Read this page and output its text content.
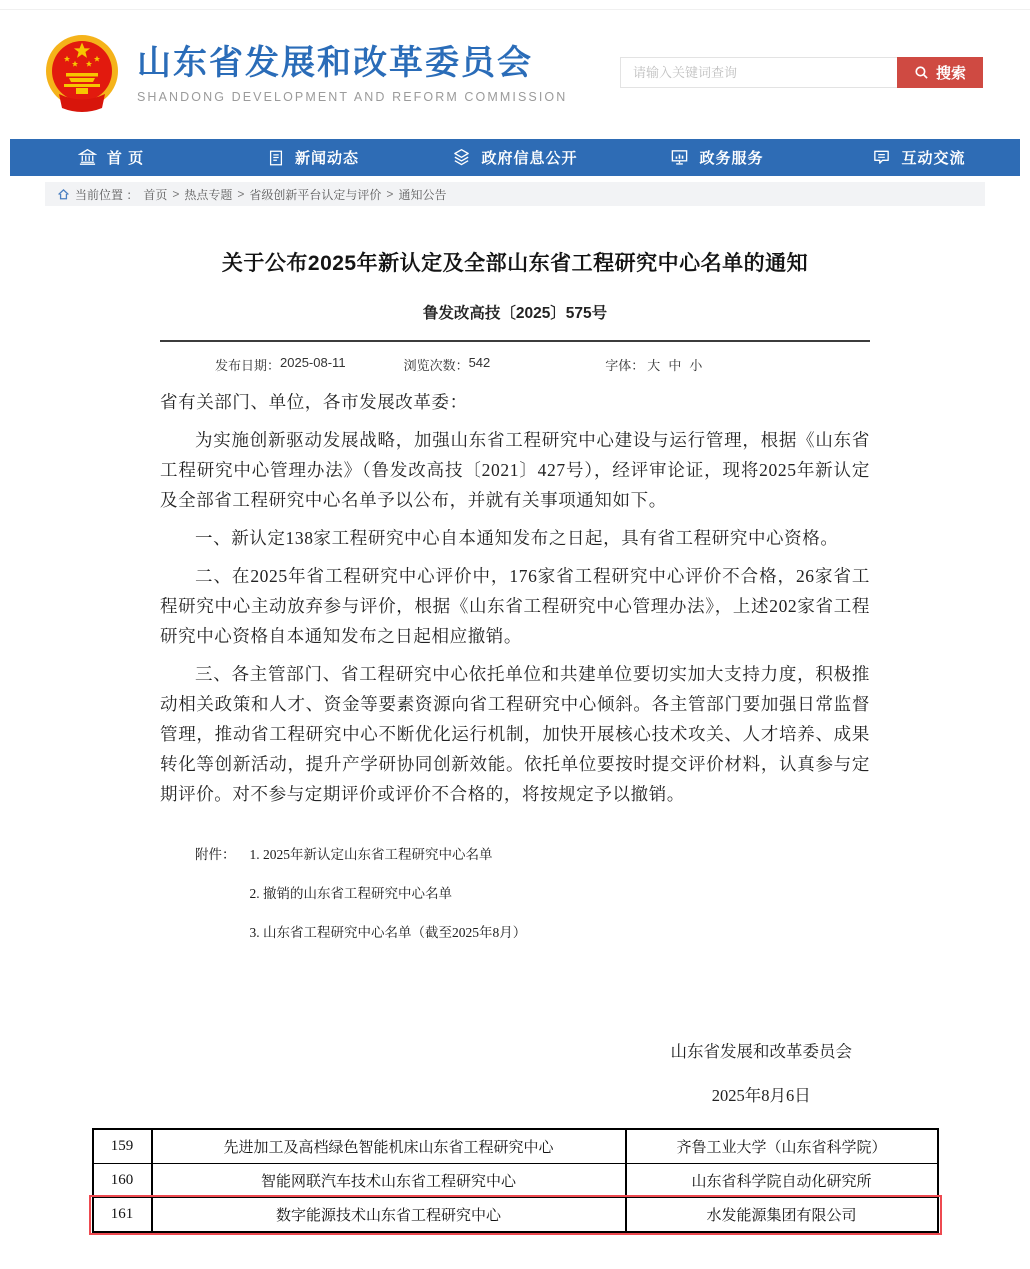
山东省发展和改革委员会
SHANDONG DEVELOPMENT AND REFORM COMMISSION
请输入关键词查询
搜索
首 页	新闻动态	政府信息公开	政务服务	互动交流
当前位置 ： 首页 > 热点专题 > 省级创新平台认定与评价 > 通知公告
关于公布2025年新认定及全部山东省工程研究中心名单的通知
鲁发改高技〔2025〕575号
发布日期： 2025-08-11	浏览次数： 542	字体： 大 中 小
省有关部门、单位，各市发展改革委：

为实施创新驱动发展战略，加强山东省工程研究中心建设与运行管理，根据《山东省工程研究中心管理办法》（鲁发改高技〔2021〕427号），经评审论证，现将2025年新认定及全部省工程研究中心名单予以公布，并就有关事项通知如下。

一、新认定138家工程研究中心自本通知发布之日起，具有省工程研究中心资格。

二、在2025年省工程研究中心评价中，176家省工程研究中心评价不合格，26家省工程研究中心主动放弃参与评价，根据《山东省工程研究中心管理办法》，上述202家省工程研究中心资格自本通知发布之日起相应撤销。

三、各主管部门、省工程研究中心依托单位和共建单位要切实加大支持力度，积极推动相关政策和人才、资金等要素资源向省工程研究中心倾斜。各主管部门要加强日常监督管理，推动省工程研究中心不断优化运行机制，加快开展核心技术攻关、人才培养、成果转化等创新活动，提升产学研协同创新效能。依托单位要按时提交评价材料，认真参与定期评价。对不参与定期评价或评价不合格的，将按规定予以撤销。

附件： 1. 2025年新认定山东省工程研究中心名单
2. 撤销的山东省工程研究中心名单
3. 山东省工程研究中心名单（截至2025年8月）
山东省发展和改革委员会
2025年8月6日
159	先进加工及高档绿色智能机床山东省工程研究中心	齐鲁工业大学（山东省科学院）
160	智能网联汽车技术山东省工程研究中心	山东省科学院自动化研究所
161	数字能源技术山东省工程研究中心	水发能源集团有限公司
